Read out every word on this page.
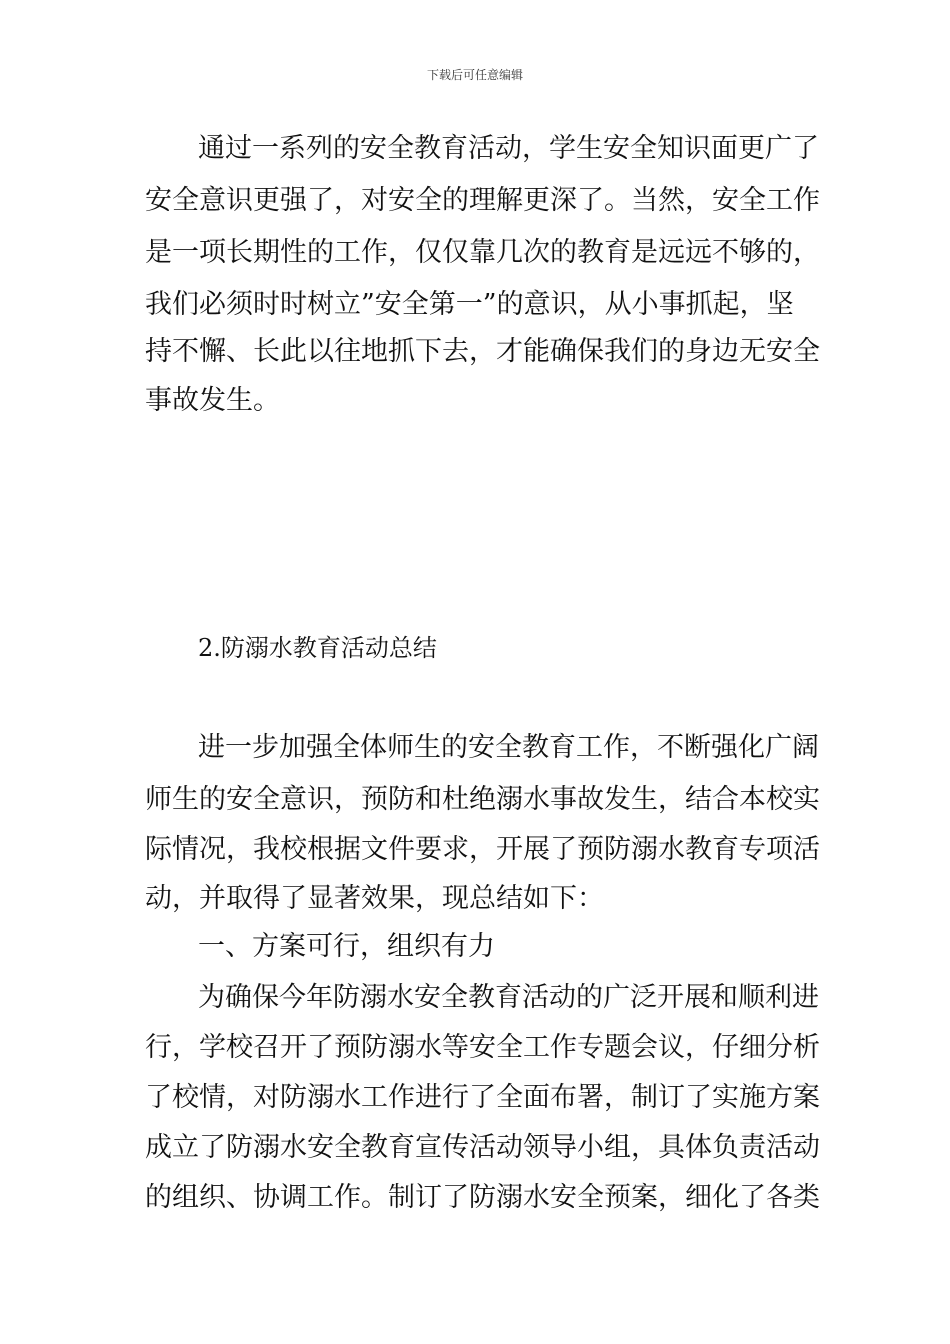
下载后可任意编辑
通过一系列的安全教育活动，学生安全知识面更广了
安全意识更强了，对安全的理解更深了。当然，安全工作
是一项长期性的工作，仅仅靠几次的教育是远远不够的，
我们必须时时树立”安全第一”的意识，从小事抓起，坚
持不懈、长此以往地抓下去，才能确保我们的身边无安全
事故发生。
2.防溺水教育活动总结
进一步加强全体师生的安全教育工作，不断强化广阔
师生的安全意识，预防和杜绝溺水事故发生，结合本校实
际情况，我校根据文件要求，开展了预防溺水教育专项活
动，并取得了显著效果，现总结如下：
一、方案可行，组织有力
为确保今年防溺水安全教育活动的广泛开展和顺利进
行，学校召开了预防溺水等安全工作专题会议，仔细分析
了校情，对防溺水工作进行了全面布署，制订了实施方案
成立了防溺水安全教育宣传活动领导小组，具体负责活动
的组织、协调工作。制订了防溺水安全预案，细化了各类
